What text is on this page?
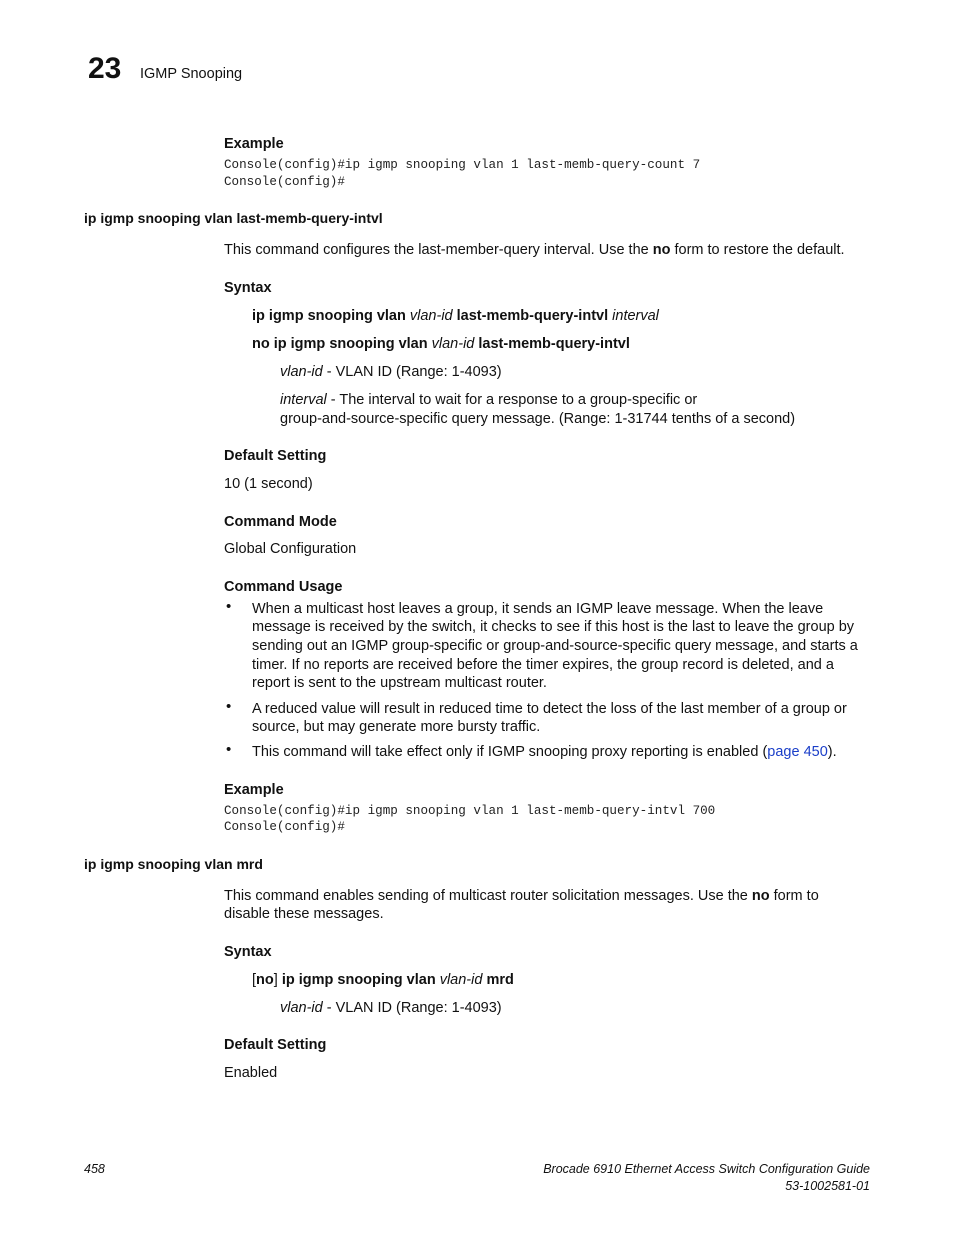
23 IGMP Snooping
Example
Console(config)#ip igmp snooping vlan 1 last-memb-query-count 7
Console(config)#
ip igmp snooping vlan last-memb-query-intvl
This command configures the last-member-query interval. Use the no form to restore the default.
Syntax
ip igmp snooping vlan vlan-id last-memb-query-intvl interval
no ip igmp snooping vlan vlan-id last-memb-query-intvl
vlan-id - VLAN ID (Range: 1-4093)
interval - The interval to wait for a response to a group-specific or
group-and-source-specific query message. (Range: 1-31744 tenths of a second)
Default Setting
10 (1 second)
Command Mode
Global Configuration
Command Usage
• When a multicast host leaves a group, it sends an IGMP leave message. When the leave
message is received by the switch, it checks to see if this host is the last to leave the group by
sending out an IGMP group-specific or group-and-source-specific query message, and starts a
timer. If no reports are received before the timer expires, the group record is deleted, and a
report is sent to the upstream multicast router.
• A reduced value will result in reduced time to detect the loss of the last member of a group or
source, but may generate more bursty traffic.
• This command will take effect only if IGMP snooping proxy reporting is enabled (page 450).
Example
Console(config)#ip igmp snooping vlan 1 last-memb-query-intvl 700
Console(config)#
ip igmp snooping vlan mrd
This command enables sending of multicast router solicitation messages. Use the no form to
disable these messages.
Syntax
[no] ip igmp snooping vlan vlan-id mrd
vlan-id - VLAN ID (Range: 1-4093)
Default Setting
Enabled
458	Brocade 6910 Ethernet Access Switch Configuration Guide
53-1002581-01
